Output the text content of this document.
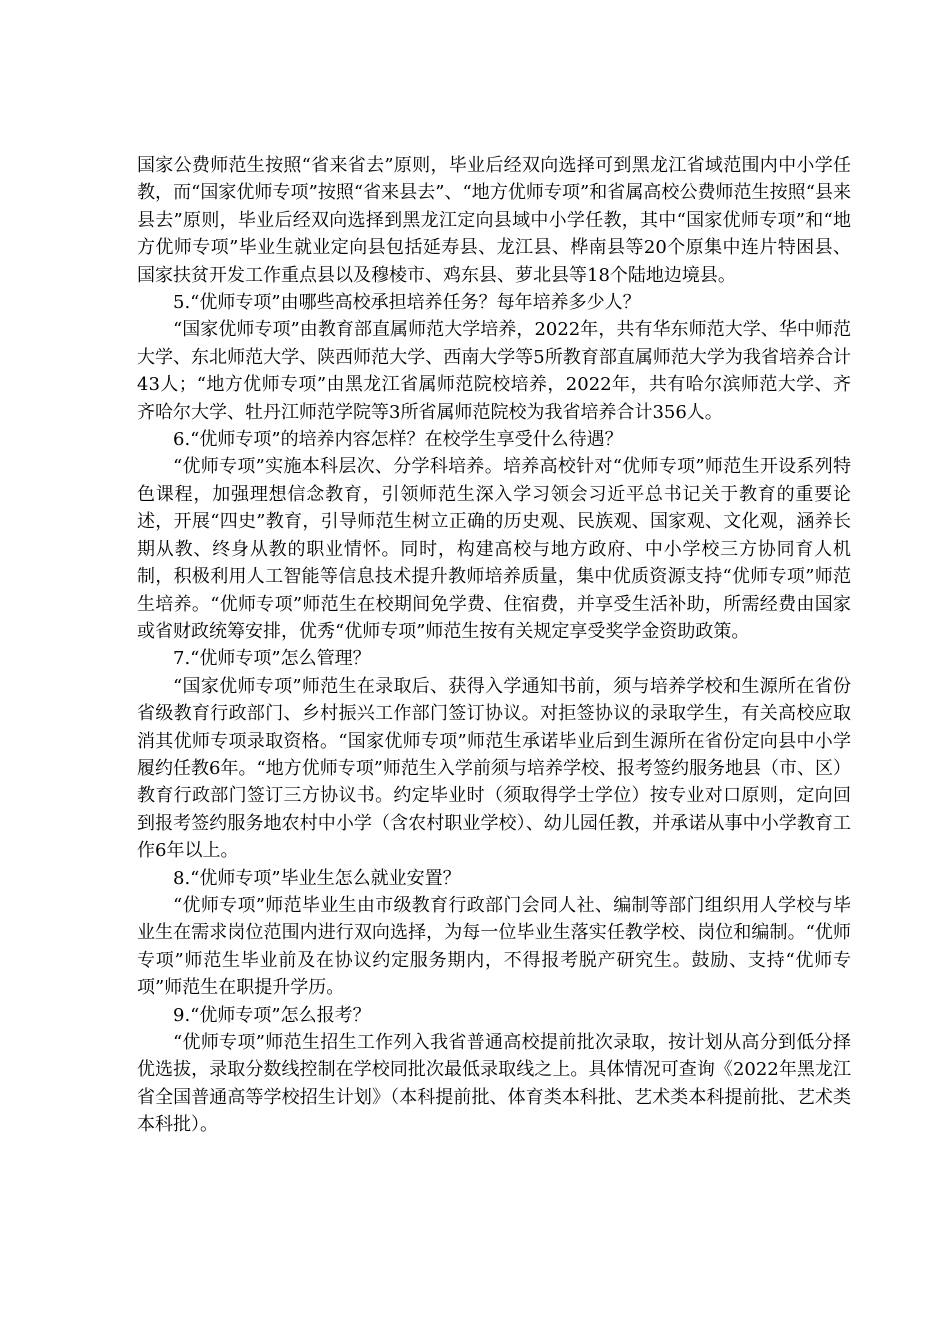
国家公费师范生按照“省来省去”原则，毕业后经双向选择可到黑龙江省域范围内中小学任教，而“国家优师专项”按照“省来县去”、“地方优师专项”和省属高校公费师范生按照“县来县去”原则，毕业后经双向选择到黑龙江定向县域中小学任教，其中“国家优师专项”和“地方优师专项”毕业生就业定向县包括延寿县、龙江县、桦南县等20个原集中连片特困县、国家扶贫开发工作重点县以及穆棱市、鸡东县、萝北县等18个陆地边境县。

5.“优师专项”由哪些高校承担培养任务？每年培养多少人？

“国家优师专项”由教育部直属师范大学培养，2022年，共有华东师范大学、华中师范大学、东北师范大学、陕西师范大学、西南大学等5所教育部直属师范大学为我省培养合计43人；“地方优师专项”由黑龙江省属师范院校培养，2022年，共有哈尔滨师范大学、齐齐哈尔大学、牡丹江师范学院等3所省属师范院校为我省培养合计356人。

6.“优师专项”的培养内容怎样？在校学生享受什么待遇？

“优师专项”实施本科层次、分学科培养。培养高校针对“优师专项”师范生开设系列特色课程，加强理想信念教育，引领师范生深入学习领会习近平总书记关于教育的重要论述，开展“四史”教育，引导师范生树立正确的历史观、民族观、国家观、文化观，涵养长期从教、终身从教的职业情怀。同时，构建高校与地方政府、中小学校三方协同育人机制，积极利用人工智能等信息技术提升教师培养质量，集中优质资源支持“优师专项”师范生培养。“优师专项”师范生在校期间免学费、住宿费，并享受生活补助，所需经费由国家或省财政统筹安排，优秀“优师专项”师范生按有关规定享受奖学金资助政策。

7.“优师专项”怎么管理？

“国家优师专项”师范生在录取后、获得入学通知书前，须与培养学校和生源所在省份省级教育行政部门、乡村振兴工作部门签订协议。对拒签协议的录取学生，有关高校应取消其优师专项录取资格。“国家优师专项”师范生承诺毕业后到生源所在省份定向县中小学履约任教6年。“地方优师专项”师范生入学前须与培养学校、报考签约服务地县（市、区）教育行政部门签订三方协议书。约定毕业时（须取得学士学位）按专业对口原则，定向回到报考签约服务地农村中小学（含农村职业学校）、幼儿园任教，并承诺从事中小学教育工作6年以上。

8.“优师专项”毕业生怎么就业安置？

“优师专项”师范毕业生由市级教育行政部门会同人社、编制等部门组织用人学校与毕业生在需求岗位范围内进行双向选择，为每一位毕业生落实任教学校、岗位和编制。“优师专项”师范生毕业前及在协议约定服务期内，不得报考脱产研究生。鼓励、支持“优师专项”师范生在职提升学历。

9.“优师专项”怎么报考？

“优师专项”师范生招生工作列入我省普通高校提前批次录取，按计划从高分到低分择优选拔，录取分数线控制在学校同批次最低录取线之上。具体情况可查询《2022年黑龙江省全国普通高等学校招生计划》（本科提前批、体育类本科批、艺术类本科提前批、艺术类本科批）。
